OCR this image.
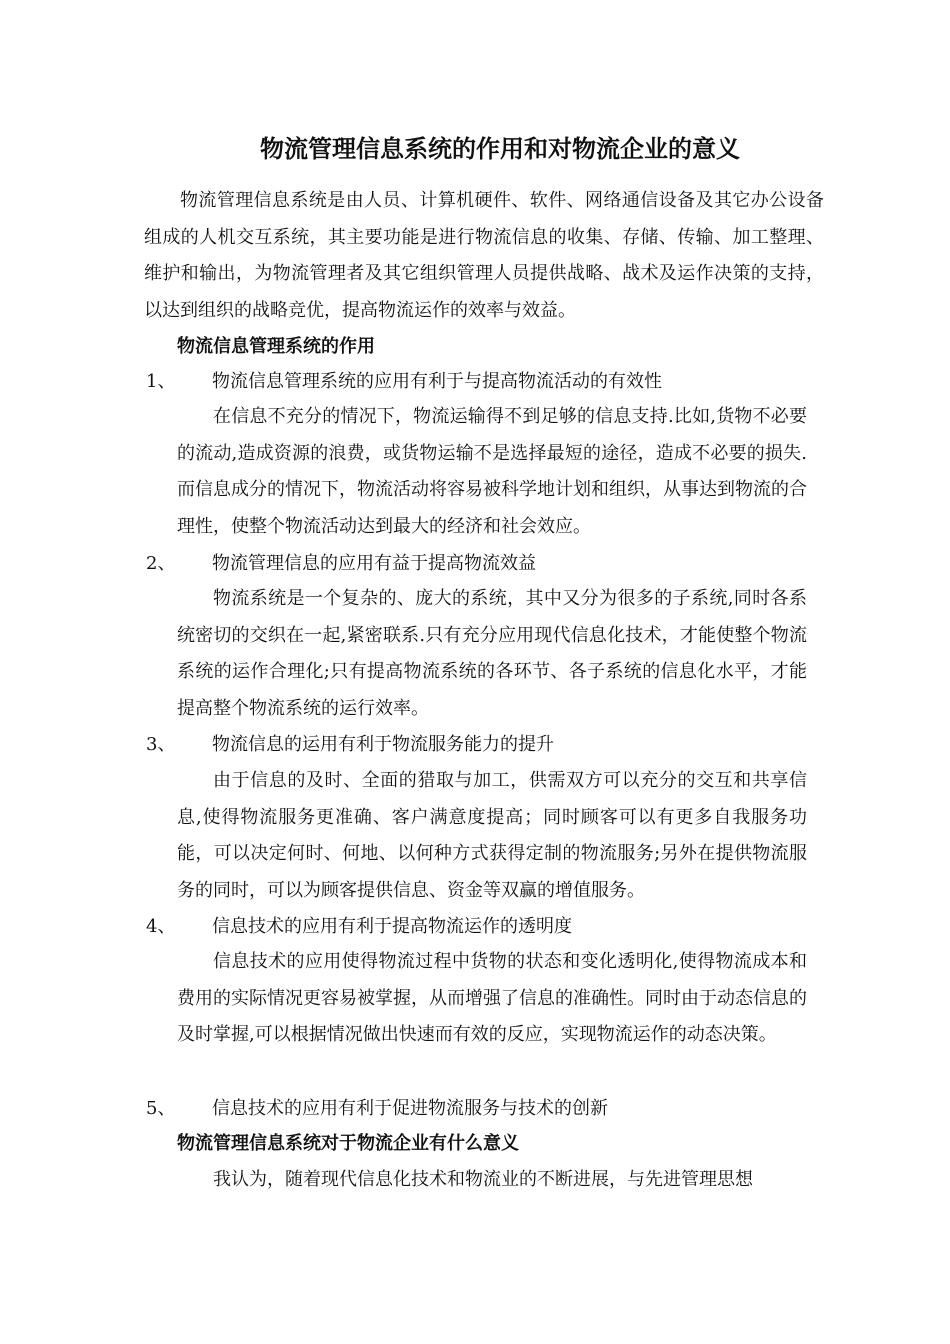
物流管理信息系统的作用和对物流企业的意义

物流管理信息系统是由人员、计算机硬件、软件、网络通信设备及其它办公设备组成的人机交互系统，其主要功能是进行物流信息的收集、存储、传输、加工整理、维护和输出，为物流管理者及其它组织管理人员提供战略、战术及运作决策的支持，以达到组织的战略竞优，提高物流运作的效率与效益。

物流信息管理系统的作用
1、 物流信息管理系统的应用有利于与提高物流活动的有效性

在信息不充分的情况下，物流运输得不到足够的信息支持.比如,货物不必要的流动,造成资源的浪费，或货物运输不是选择最短的途径，造成不必要的损失.而信息成分的情况下，物流活动将容易被科学地计划和组织，从事达到物流的合理性，使整个物流活动达到最大的经济和社会效应。

2、 物流管理信息的应用有益于提高物流效益

物流系统是一个复杂的、庞大的系统，其中又分为很多的子系统,同时各系统密切的交织在一起,紧密联系.只有充分应用现代信息化技术，才能使整个物流系统的运作合理化;只有提高物流系统的各环节、各子系统的信息化水平，才能提高整个物流系统的运行效率。

3、 物流信息的运用有利于物流服务能力的提升

由于信息的及时、全面的猎取与加工，供需双方可以充分的交互和共享信息,使得物流服务更准确、客户满意度提高；同时顾客可以有更多自我服务功能，可以决定何时、何地、以何种方式获得定制的物流服务;另外在提供物流服务的同时，可以为顾客提供信息、资金等双赢的增值服务。

4、 信息技术的应用有利于提高物流运作的透明度

信息技术的应用使得物流过程中货物的状态和变化透明化,使得物流成本和费用的实际情况更容易被掌握，从而增强了信息的准确性。同时由于动态信息的及时掌握,可以根据情况做出快速而有效的反应，实现物流运作的动态决策。

5、 信息技术的应用有利于促进物流服务与技术的创新
物流管理信息系统对于物流企业有什么意义

我认为，随着现代信息化技术和物流业的不断进展，与先进管理思想
